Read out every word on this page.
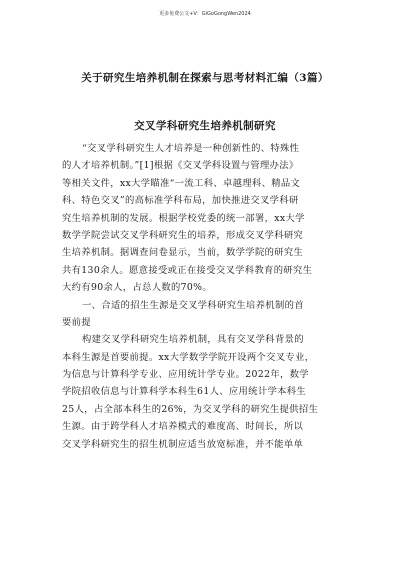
更多免费公文+V：GiGoGongWen2024
关于研究生培养机制在探索与思考材料汇编（3篇）
交叉学科研究生培养机制研究
“交叉学科研究生人才培养是一种创新性的、特殊性
的人才培养机制。”[1]根据《交叉学科设置与管理办法》
等相关文件，xx大学瞄准“一流工科、卓越理科、精品文
科、特色交叉”的高标准学科布局，加快推进交叉学科研
究生培养机制的发展。根据学校党委的统一部署，xx大学
数学学院尝试交叉学科研究生的培养，形成交叉学科研究
生培养机制。据调查问卷显示，当前，数学学院的研究生
共有130余人。愿意接受或正在接受交叉学科教育的研究生
大约有90余人，占总人数的70%。
一、合适的招生生源是交叉学科研究生培养机制的首
要前提
构建交叉学科研究生培养机制，具有交叉学科背景的
本科生源是首要前提。xx大学数学学院开设两个交叉专业，
为信息与计算科学专业、应用统计学专业。2022年，数学
学院招收信息与计算科学本科生61人、应用统计学本科生
25人，占全部本科生的26%，为交叉学科的研究生提供招生
生源。由于跨学科人才培养模式的难度高、时间长，所以
交叉学科研究生的招生机制应适当放宽标准，并不能单单
